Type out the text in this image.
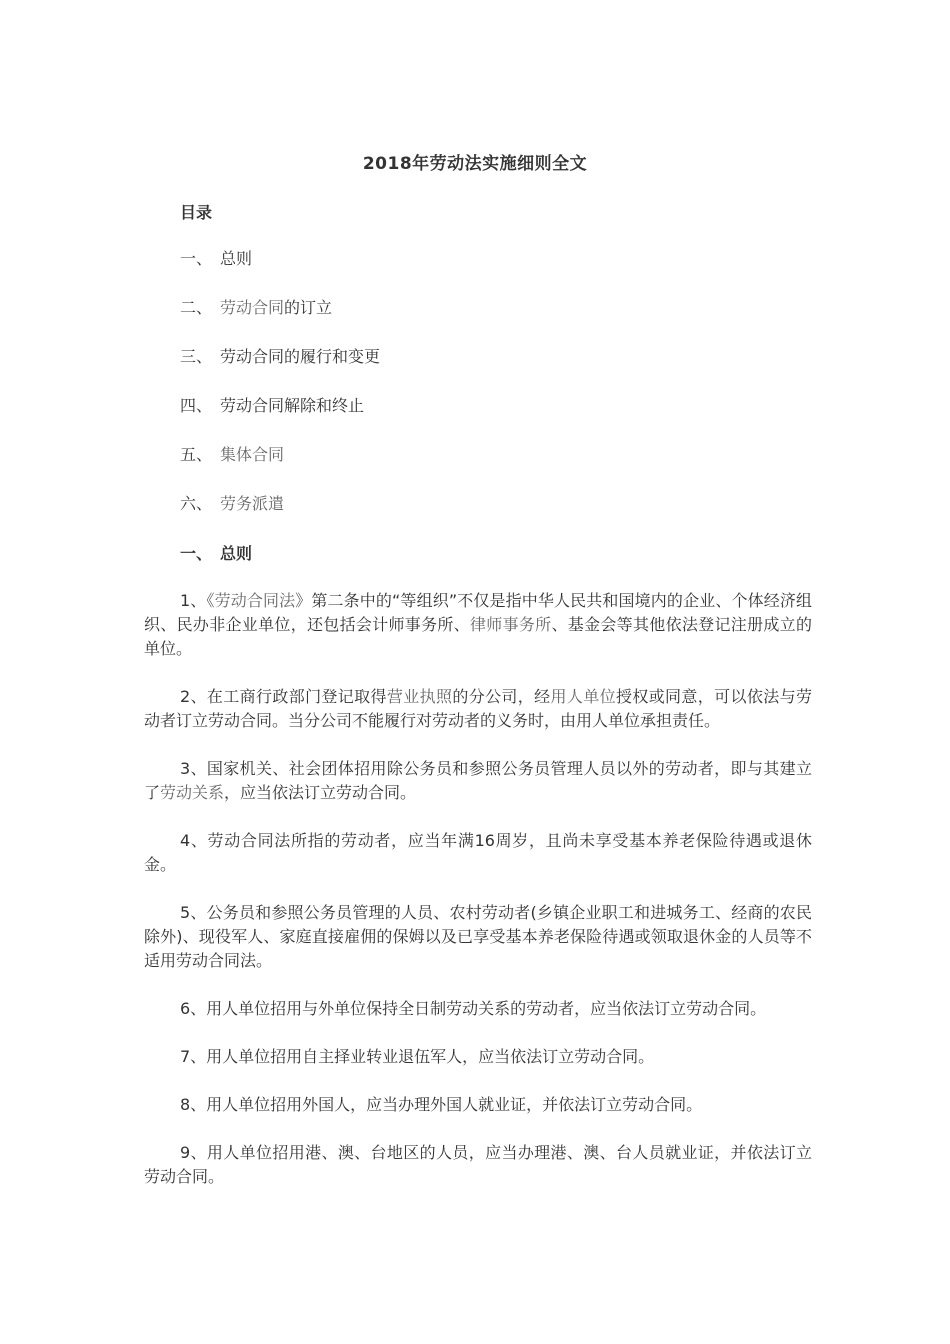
2018年劳动法实施细则全文
目录
一、 总则
二、 劳动合同的订立
三、 劳动合同的履行和变更
四、 劳动合同解除和终止
五、 集体合同
六、 劳务派遣
一、 总则

1、《劳动合同法》第二条中的“等组织”不仅是指中华人民共和国境内的企业、个体经济组织、民办非企业单位，还包括会计师事务所、律师事务所、基金会等其他依法登记注册成立的单位。

2、在工商行政部门登记取得营业执照的分公司，经用人单位授权或同意，可以依法与劳动者订立劳动合同。当分公司不能履行对劳动者的义务时，由用人单位承担责任。

3、国家机关、社会团体招用除公务员和参照公务员管理人员以外的劳动者，即与其建立了劳动关系，应当依法订立劳动合同。

4、劳动合同法所指的劳动者，应当年满16周岁，且尚未享受基本养老保险待遇或退休金。

5、公务员和参照公务员管理的人员、农村劳动者(乡镇企业职工和进城务工、经商的农民除外)、现役军人、家庭直接雇佣的保姆以及已享受基本养老保险待遇或领取退休金的人员等不适用劳动合同法。

6、用人单位招用与外单位保持全日制劳动关系的劳动者，应当依法订立劳动合同。

7、用人单位招用自主择业转业退伍军人，应当依法订立劳动合同。

8、用人单位招用外国人，应当办理外国人就业证，并依法订立劳动合同。

9、用人单位招用港、澳、台地区的人员，应当办理港、澳、台人员就业证，并依法订立劳动合同。
